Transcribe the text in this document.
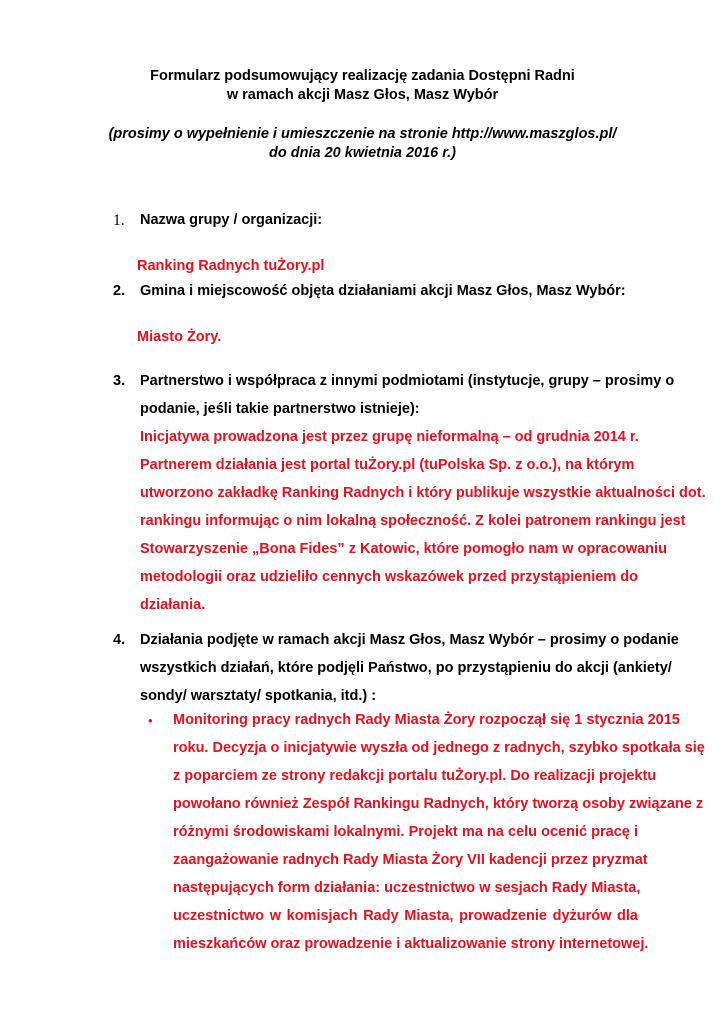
Formularz podsumowujący realizację zadania Dostępni Radni
w ramach akcji Masz Głos, Masz Wybór
(prosimy o wypełnienie i umieszczenie na stronie http://www.maszglos.pl/
do dnia 20 kwietnia 2016 r.)
1. Nazwa grupy / organizacji:
Ranking Radnych tuŻory.pl
2. Gmina i miejscowość objęta działaniami akcji Masz Głos, Masz Wybór:
Miasto Żory.
3. Partnerstwo i współpraca z innymi podmiotami (instytucje, grupy – prosimy o
podanie, jeśli takie partnerstwo istnieje):
Inicjatywa prowadzona jest przez grupę nieformalną – od grudnia 2014 r.
Partnerem działania jest portal tuŻory.pl (tuPolska Sp. z o.o.), na którym
utworzono zakładkę Ranking Radnych i który publikuje wszystkie aktualności dot.
rankingu informując o nim lokalną społeczność. Z kolei patronem rankingu jest
Stowarzyszenie „Bona Fides” z Katowic, które pomogło nam w opracowaniu
metodologii oraz udzieliło cennych wskazówek przed przystąpieniem do
działania.
4. Działania podjęte w ramach akcji Masz Głos, Masz Wybór – prosimy o podanie
wszystkich działań, które podjęli Państwo, po przystąpieniu do akcji (ankiety/
sondy/ warsztaty/ spotkania, itd.) :
• Monitoring pracy radnych Rady Miasta Żory rozpoczął się 1 stycznia 2015
roku. Decyzja o inicjatywie wyszła od jednego z radnych, szybko spotkała się
z poparciem ze strony redakcji portalu tuŻory.pl. Do realizacji projektu
powołano również Zespół Rankingu Radnych, który tworzą osoby związane z
różnymi środowiskami lokalnymi. Projekt ma na celu ocenić pracę i
zaangażowanie radnych Rady Miasta Żory VII kadencji przez pryzmat
następujących form działania: uczestnictwo w sesjach Rady Miasta,
uczestnictwo w komisjach Rady Miasta, prowadzenie dyżurów dla
mieszkańców oraz prowadzenie i aktualizowanie strony internetowej.
